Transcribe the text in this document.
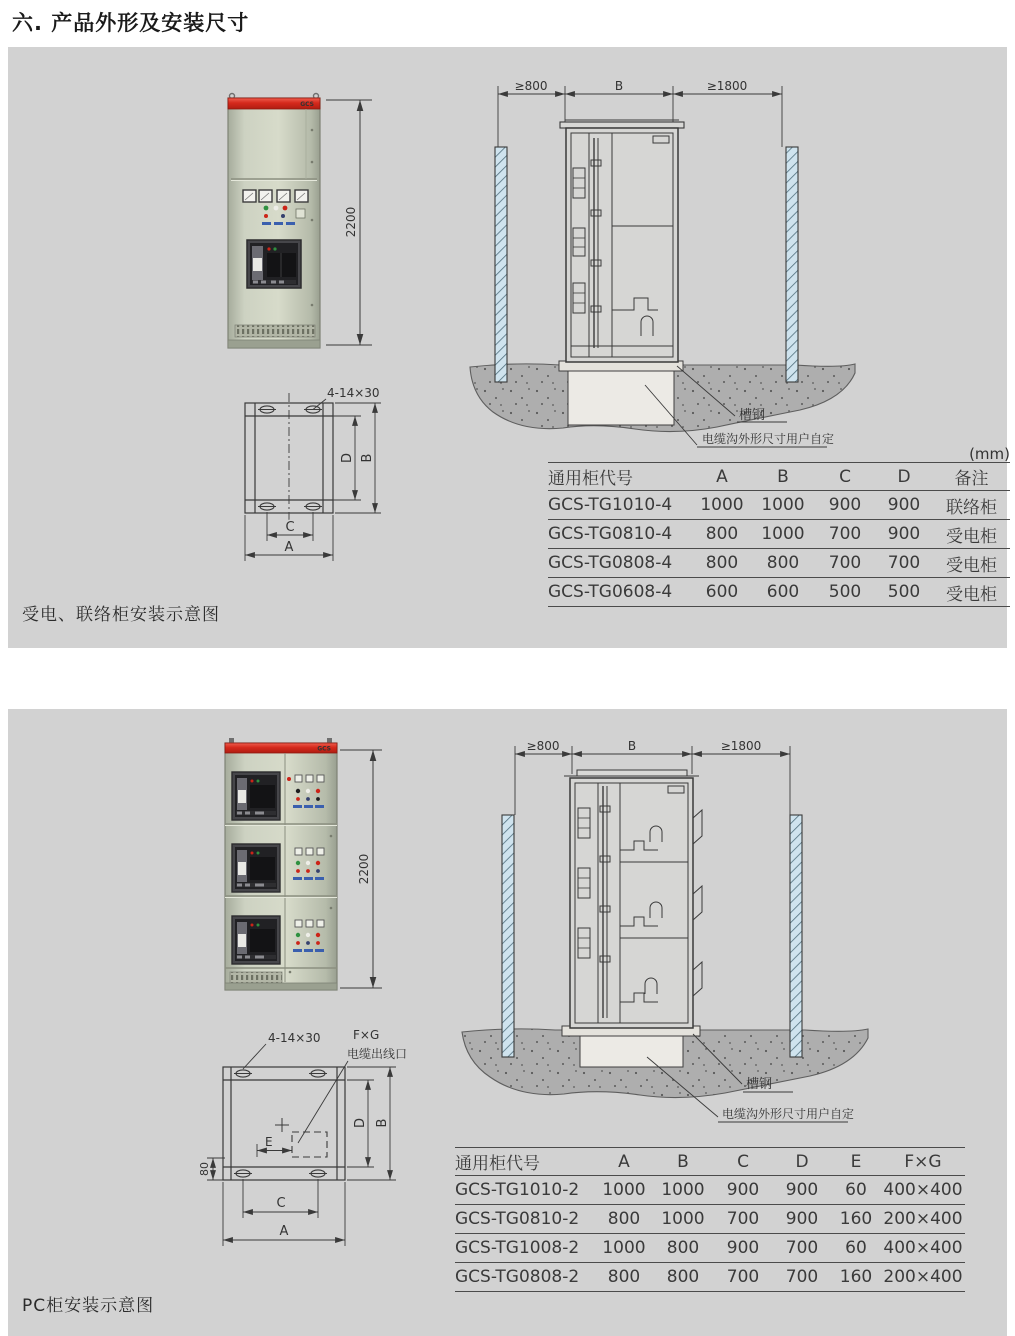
六. 产品外形及安装尺寸
GCS
2200
4-14×30
D B
C
A
≥800	B	≥1800
槽钢
电缆沟外形尺寸用户自定
(mm)
通用柜代号	A	B	C	D	备注
GCS-TG1010-4	1000	1000	900	900	联络柜
GCS-TG0810-4	800	1000	700	900	受电柜
GCS-TG0808-4	800	800	700	700	受电柜
GCS-TG0608-4	600	600	500	500	受电柜
受电、联络柜安装示意图
GCS
2200
E
80
D B
C
A
4-14×30	F×G
电缆出线口
≥800	B	≥1800
槽钢
电缆沟外形尺寸用户自定
通用柜代号	A	B	C	D	E	F×G
GCS-TG1010-2	1000	1000	900	900	60	400×400
GCS-TG0810-2	800	1000	700	900	160	200×400
GCS-TG1008-2	1000	800	900	700	60	400×400
GCS-TG0808-2	800	800	700	700	160	200×400
PC柜安装示意图
